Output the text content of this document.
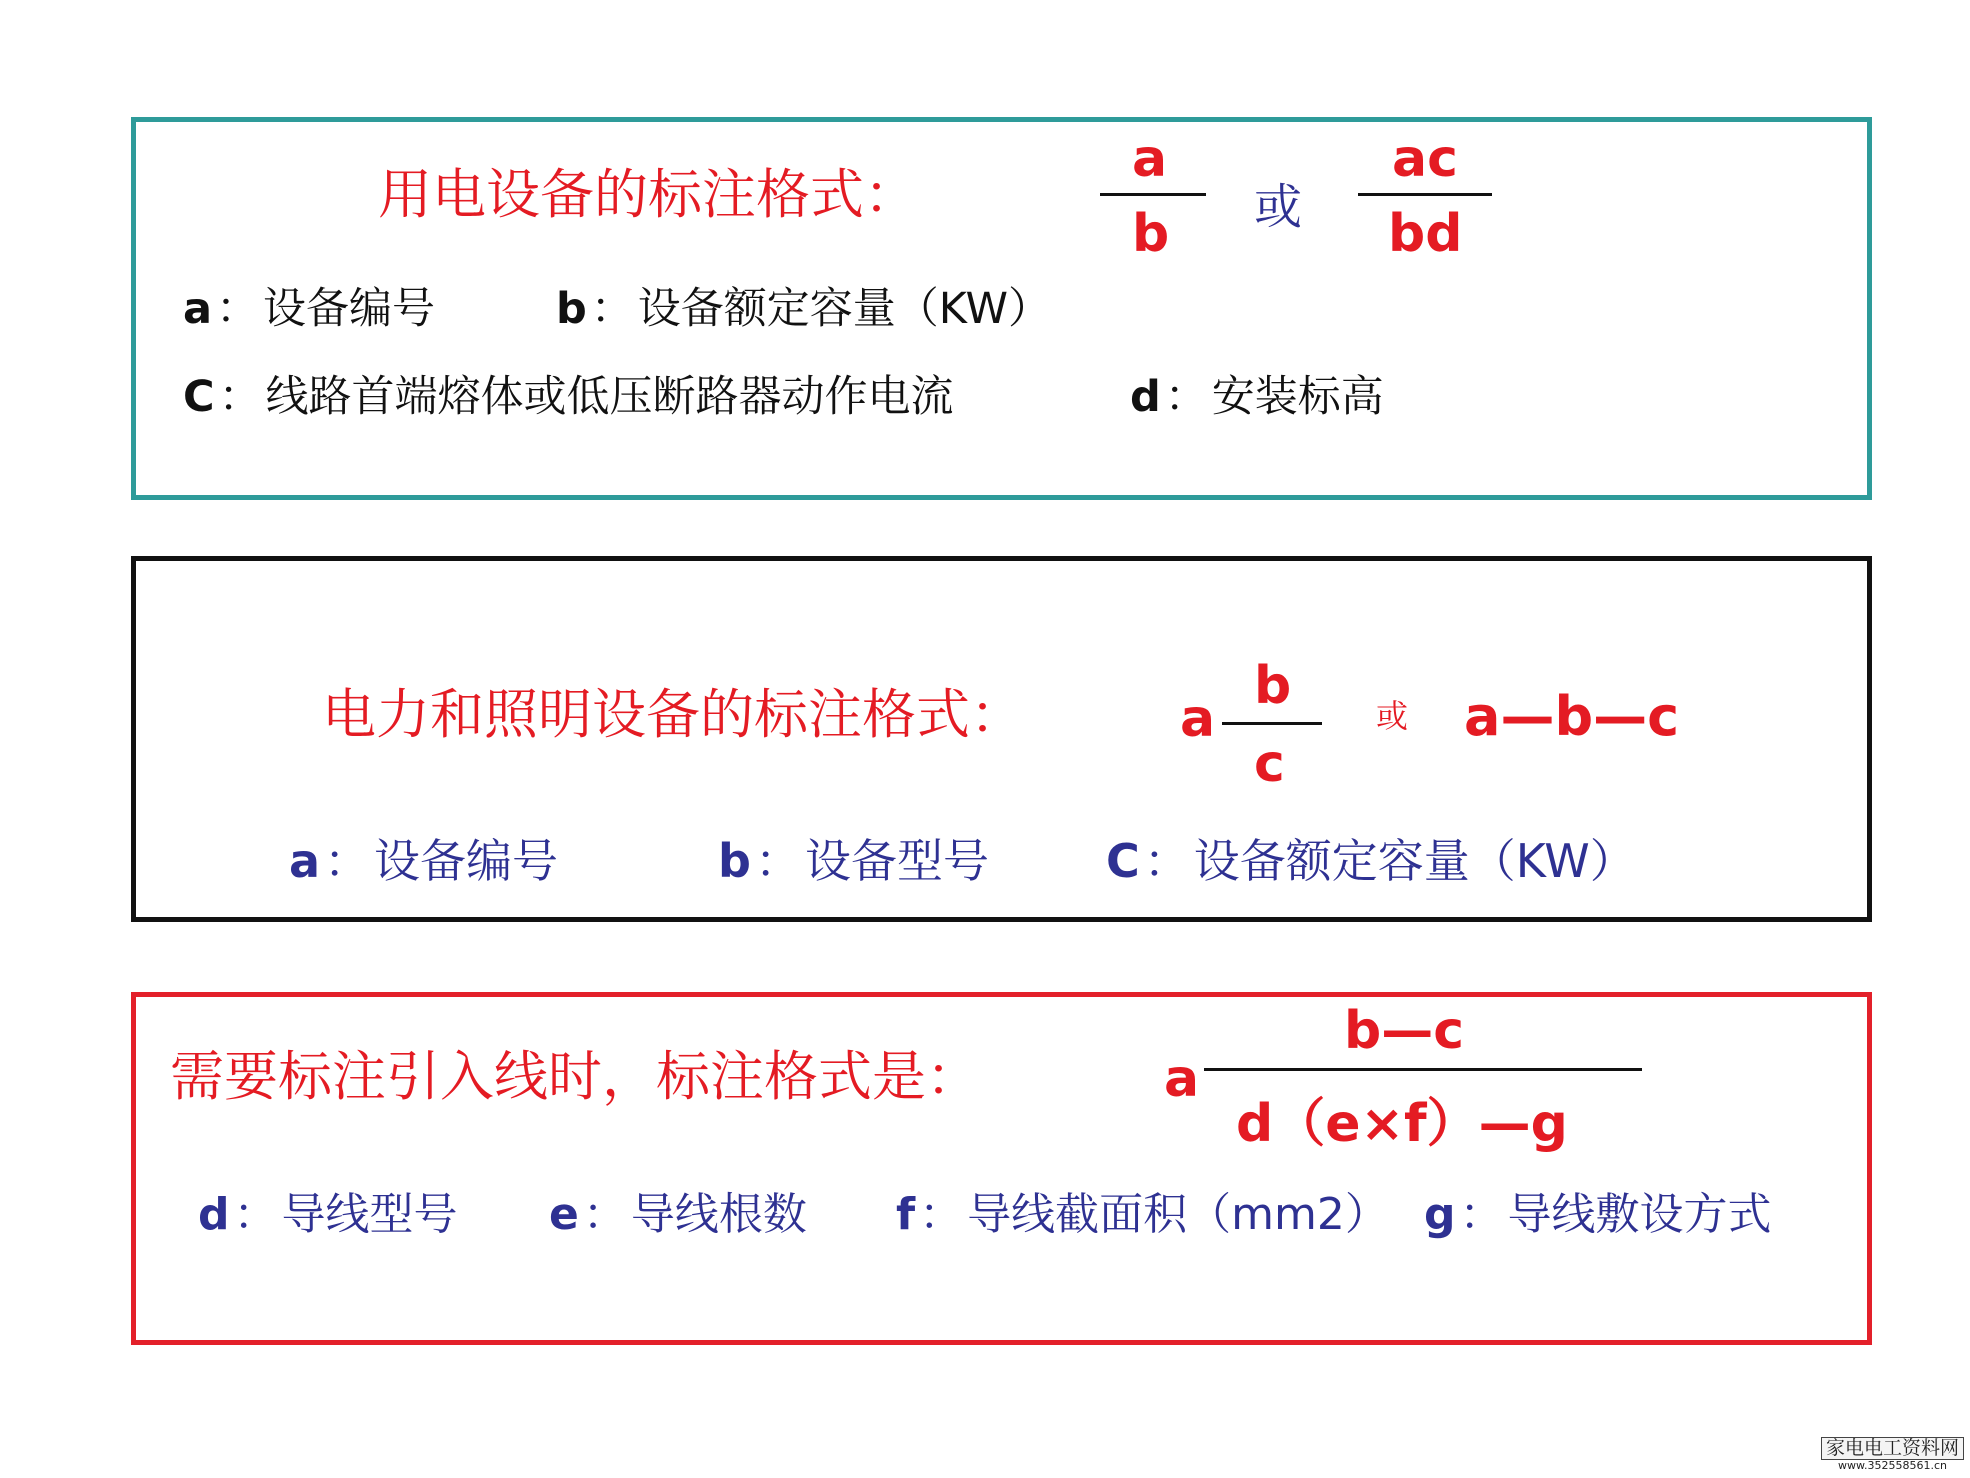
用电设备的标注格式：
a
b 或
ac
bd
a：设备编号	b：设备额定容量（KW）
C：线路首端熔体或低压断路器动作电流	d：安装标高
电力和照明设备的标注格式：	a
b
c
或 a—b—c
a：设备编号	b：设备型号	C：设备额定容量（KW）
需要标注引入线时，标注格式是：	a
b—c
d（e×f）—g
d：导线型号 e：导线根数 f：导线截面积（mm2） g：导线敷设方式
家电电工资料网
www.352558561.cn
